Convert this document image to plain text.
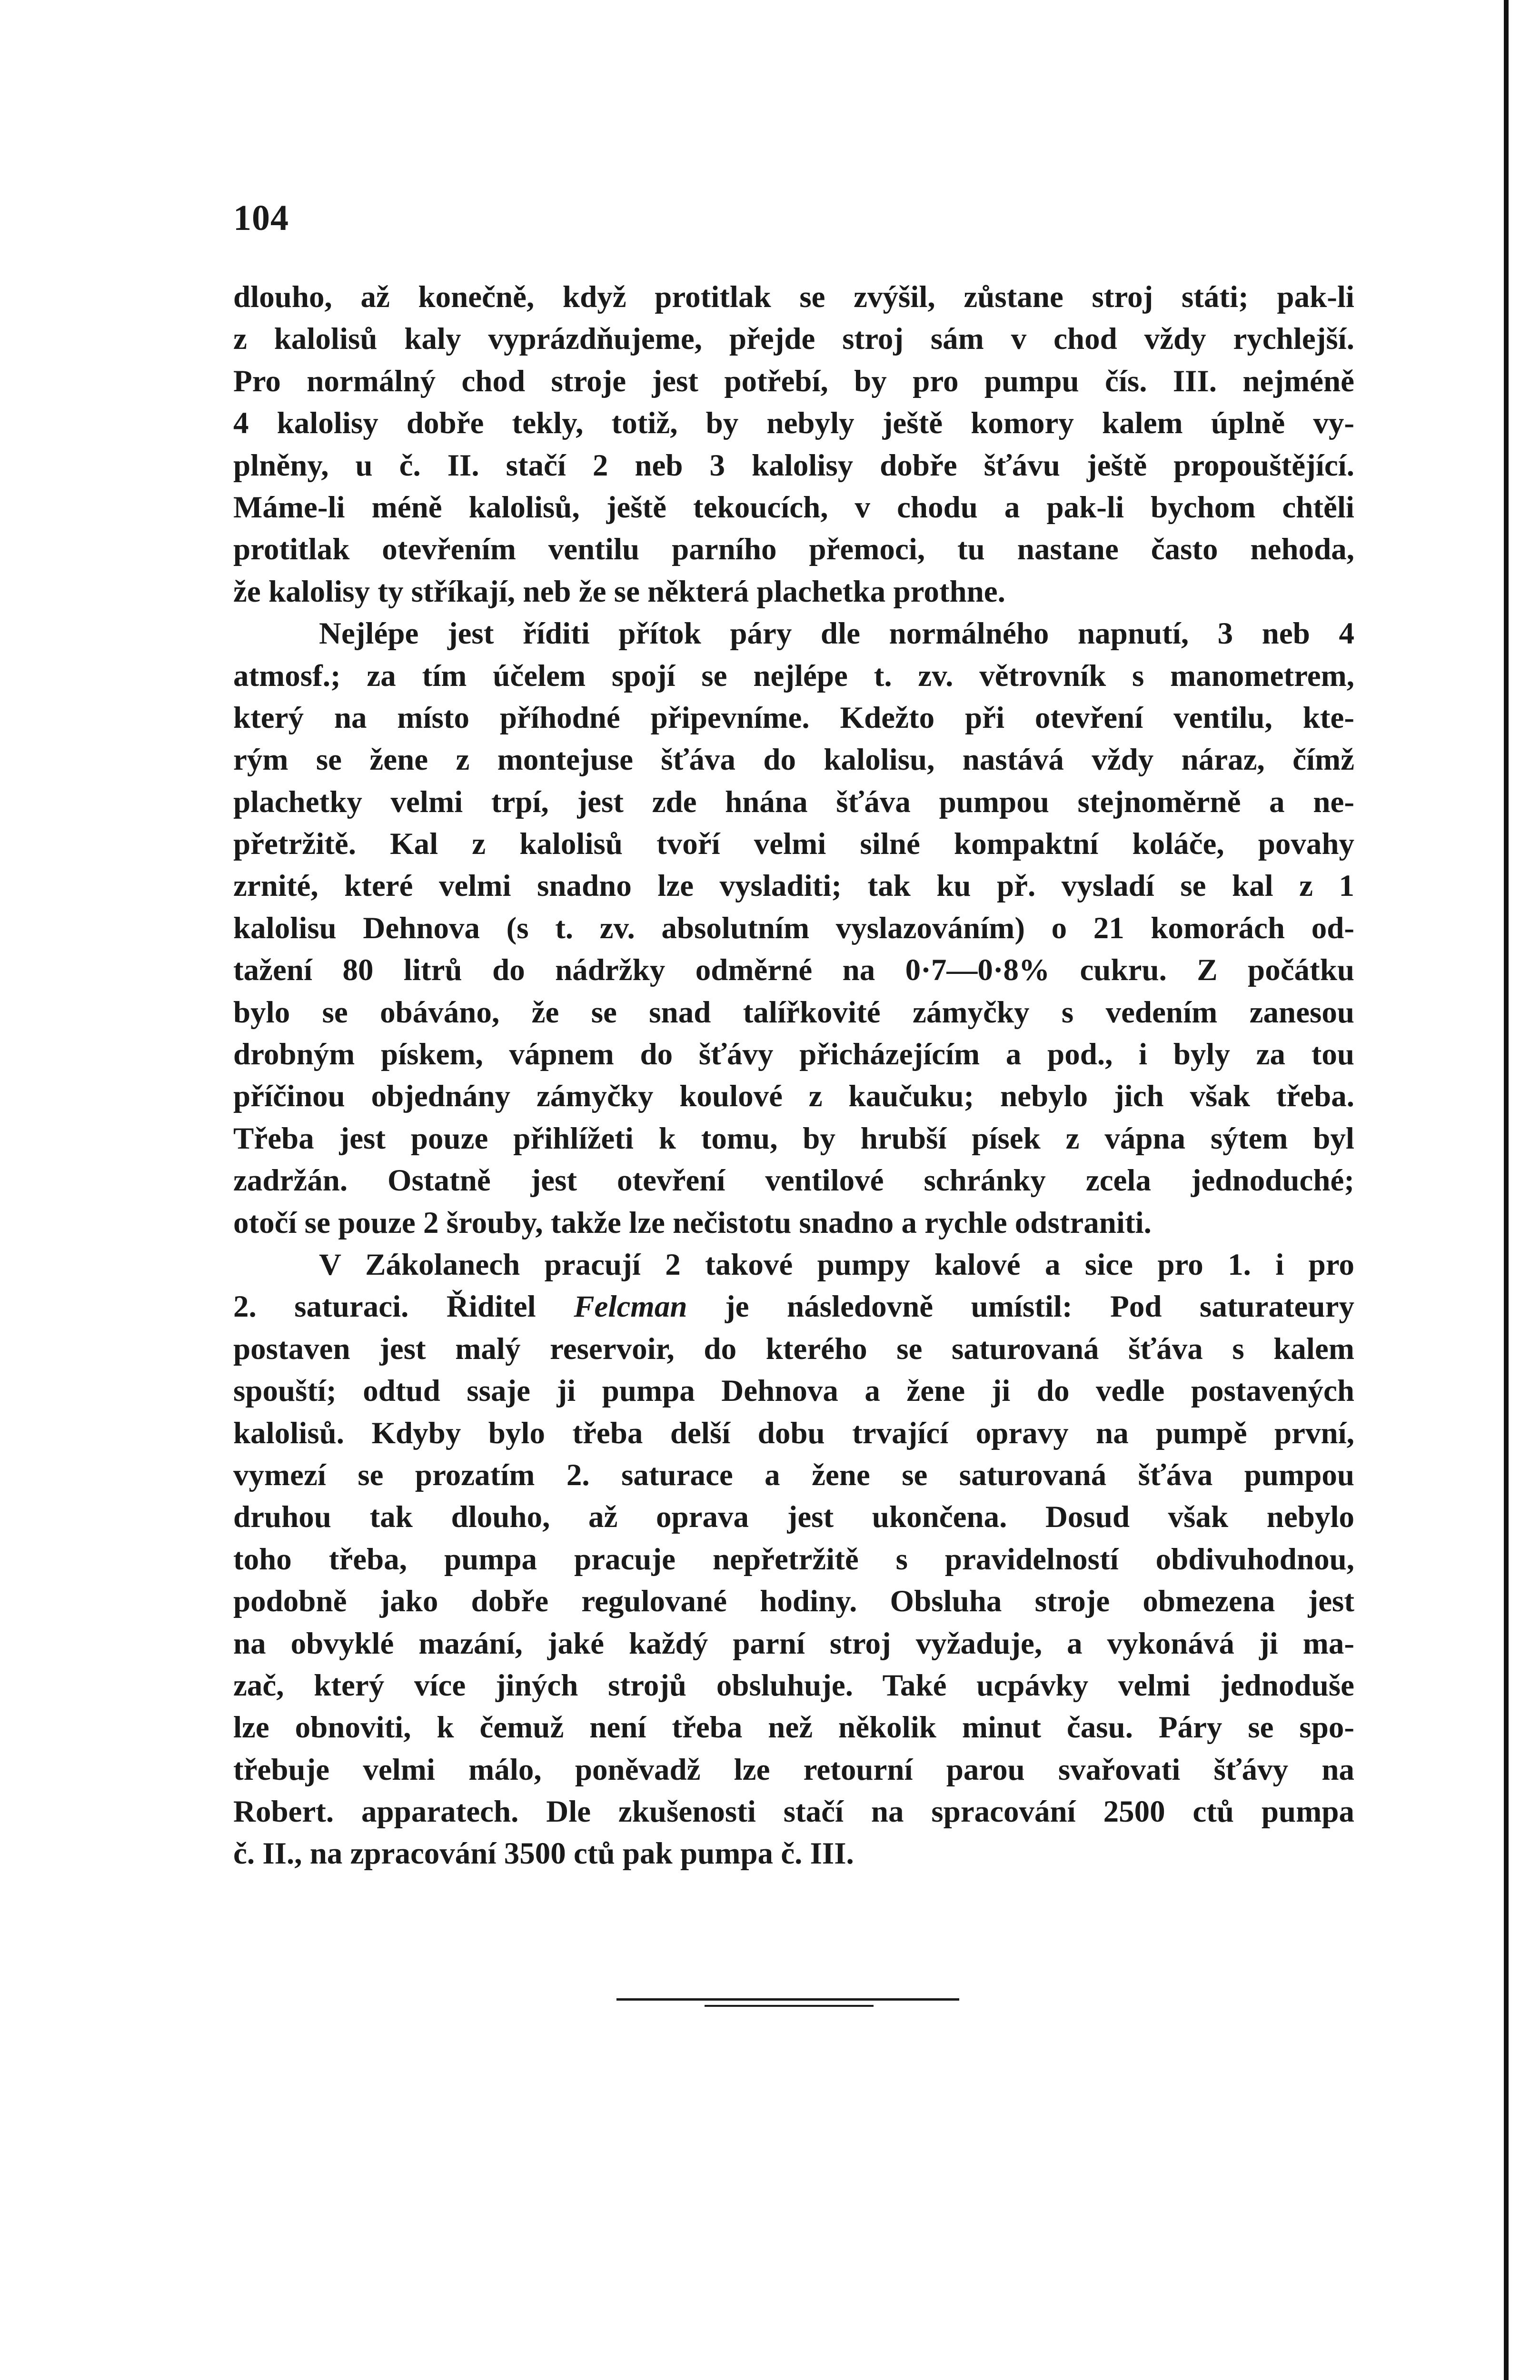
104
dlouho, až konečně, když protitlak se zvýšil, zůstane stroj státi; pak-li
z kalolisů kaly vyprázdňujeme, přejde stroj sám v chod vždy rychlejší.
Pro normálný chod stroje jest potřebí, by pro pumpu čís. III. nejméně
4 kalolisy dobře tekly, totiž, by nebyly ještě komory kalem úplně vy-
plněny, u č. II. stačí 2 neb 3 kalolisy dobře šťávu ještě propouštějící.
Máme-li méně kalolisů, ještě tekoucích, v chodu a pak-li bychom chtěli
protitlak otevřením ventilu parního přemoci, tu nastane často nehoda,
že kalolisy ty stříkají, neb že se některá plachetka prothne.
Nejlépe jest říditi přítok páry dle normálného napnutí, 3 neb 4
atmosf.; za tím účelem spojí se nejlépe t. zv. větrovník s manometrem,
který na místo příhodné připevníme. Kdežto při otevření ventilu, kte-
rým se žene z montejuse šťáva do kalolisu, nastává vždy náraz, čímž
plachetky velmi trpí, jest zde hnána šťáva pumpou stejnoměrně a ne-
přetržitě. Kal z kalolisů tvoří velmi silné kompaktní koláče, povahy
zrnité, které velmi snadno lze vysladiti; tak ku př. vysladí se kal z 1
kalolisu Dehnova (s t. zv. absolutním vyslazováním) o 21 komorách od-
tažení 80 litrů do nádržky odměrné na 0·7—0·8% cukru. Z počátku
bylo se obáváno, že se snad talířkovité zámyčky s vedením zanesou
drobným pískem, vápnem do šťávy přicházejícím a pod., i byly za tou
příčinou objednány zámyčky koulové z kaučuku; nebylo jich však třeba.
Třeba jest pouze přihlížeti k tomu, by hrubší písek z vápna sýtem byl
zadržán. Ostatně jest otevření ventilové schránky zcela jednoduché;
otočí se pouze 2 šrouby, takže lze nečistotu snadno a rychle odstraniti.
V Zákolanech pracují 2 takové pumpy kalové a sice pro 1. i pro
2. saturaci. Řiditel Felcman je následovně umístil: Pod saturateury
postaven jest malý reservoir, do kterého se saturovaná šťáva s kalem
spouští; odtud ssaje ji pumpa Dehnova a žene ji do vedle postavených
kalolisů. Kdyby bylo třeba delší dobu trvající opravy na pumpě první,
vymezí se prozatím 2. saturace a žene se saturovaná šťáva pumpou
druhou tak dlouho, až oprava jest ukončena. Dosud však nebylo
toho třeba, pumpa pracuje nepřetržitě s pravidelností obdivuhodnou,
podobně jako dobře regulované hodiny. Obsluha stroje obmezena jest
na obvyklé mazání, jaké každý parní stroj vyžaduje, a vykonává ji ma-
zač, který více jiných strojů obsluhuje. Také ucpávky velmi jednoduše
lze obnoviti, k čemuž není třeba než několik minut času. Páry se spo-
třebuje velmi málo, poněvadž lze retourní parou svařovati šťávy na
Robert. apparatech. Dle zkušenosti stačí na spracování 2500 ctů pumpa
č. II., na zpracování 3500 ctů pak pumpa č. III.
